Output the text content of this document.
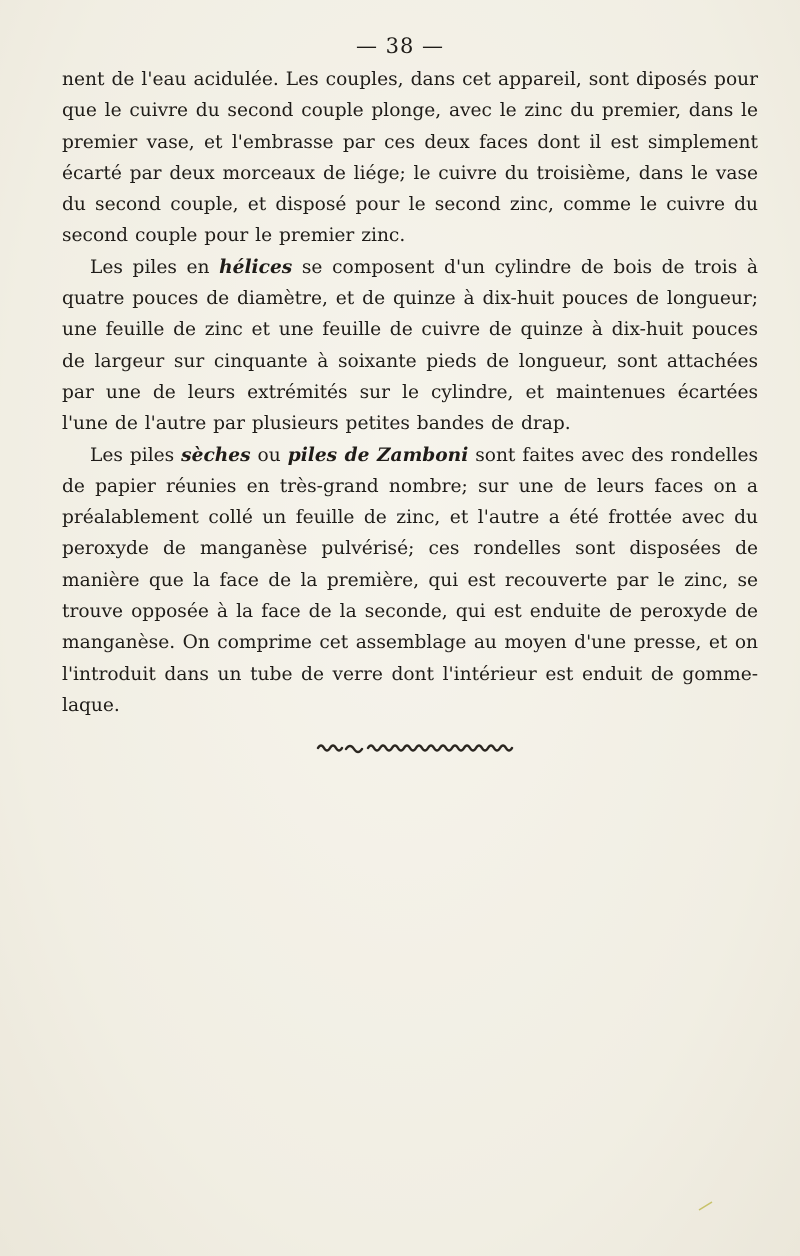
— 38 —

nent de l'eau acidulée. Les couples, dans cet appareil, sont diposés pour que le cuivre du second couple plonge, avec le zinc du premier, dans le premier vase, et l'embrasse par ces deux faces dont il est simplement écarté par deux morceaux de liége; le cuivre du troisième, dans le vase du second couple, et disposé pour le second zinc, comme le cuivre du second couple pour le premier zinc.

Les piles en hélices se composent d'un cylindre de bois de trois à quatre pouces de diamètre, et de quinze à dix-huit pouces de longueur; une feuille de zinc et une feuille de cuivre de quinze à dix-huit pouces de largeur sur cinquante à soixante pieds de longueur, sont attachées par une de leurs extrémités sur le cylindre, et maintenues écartées l'une de l'autre par plusieurs petites bandes de drap.

Les piles sèches ou piles de Zamboni sont faites avec des rondelles de papier réunies en très-grand nombre; sur une de leurs faces on a préalablement collé un feuille de zinc, et l'autre a été frottée avec du peroxyde de manganèse pulvérisé; ces rondelles sont disposées de manière que la face de la première, qui est recouverte par le zinc, se trouve opposée à la face de la seconde, qui est enduite de peroxyde de manganèse. On comprime cet assemblage au moyen d'une presse, et on l'introduit dans un tube de verre dont l'intérieur est enduit de gomme-laque.
